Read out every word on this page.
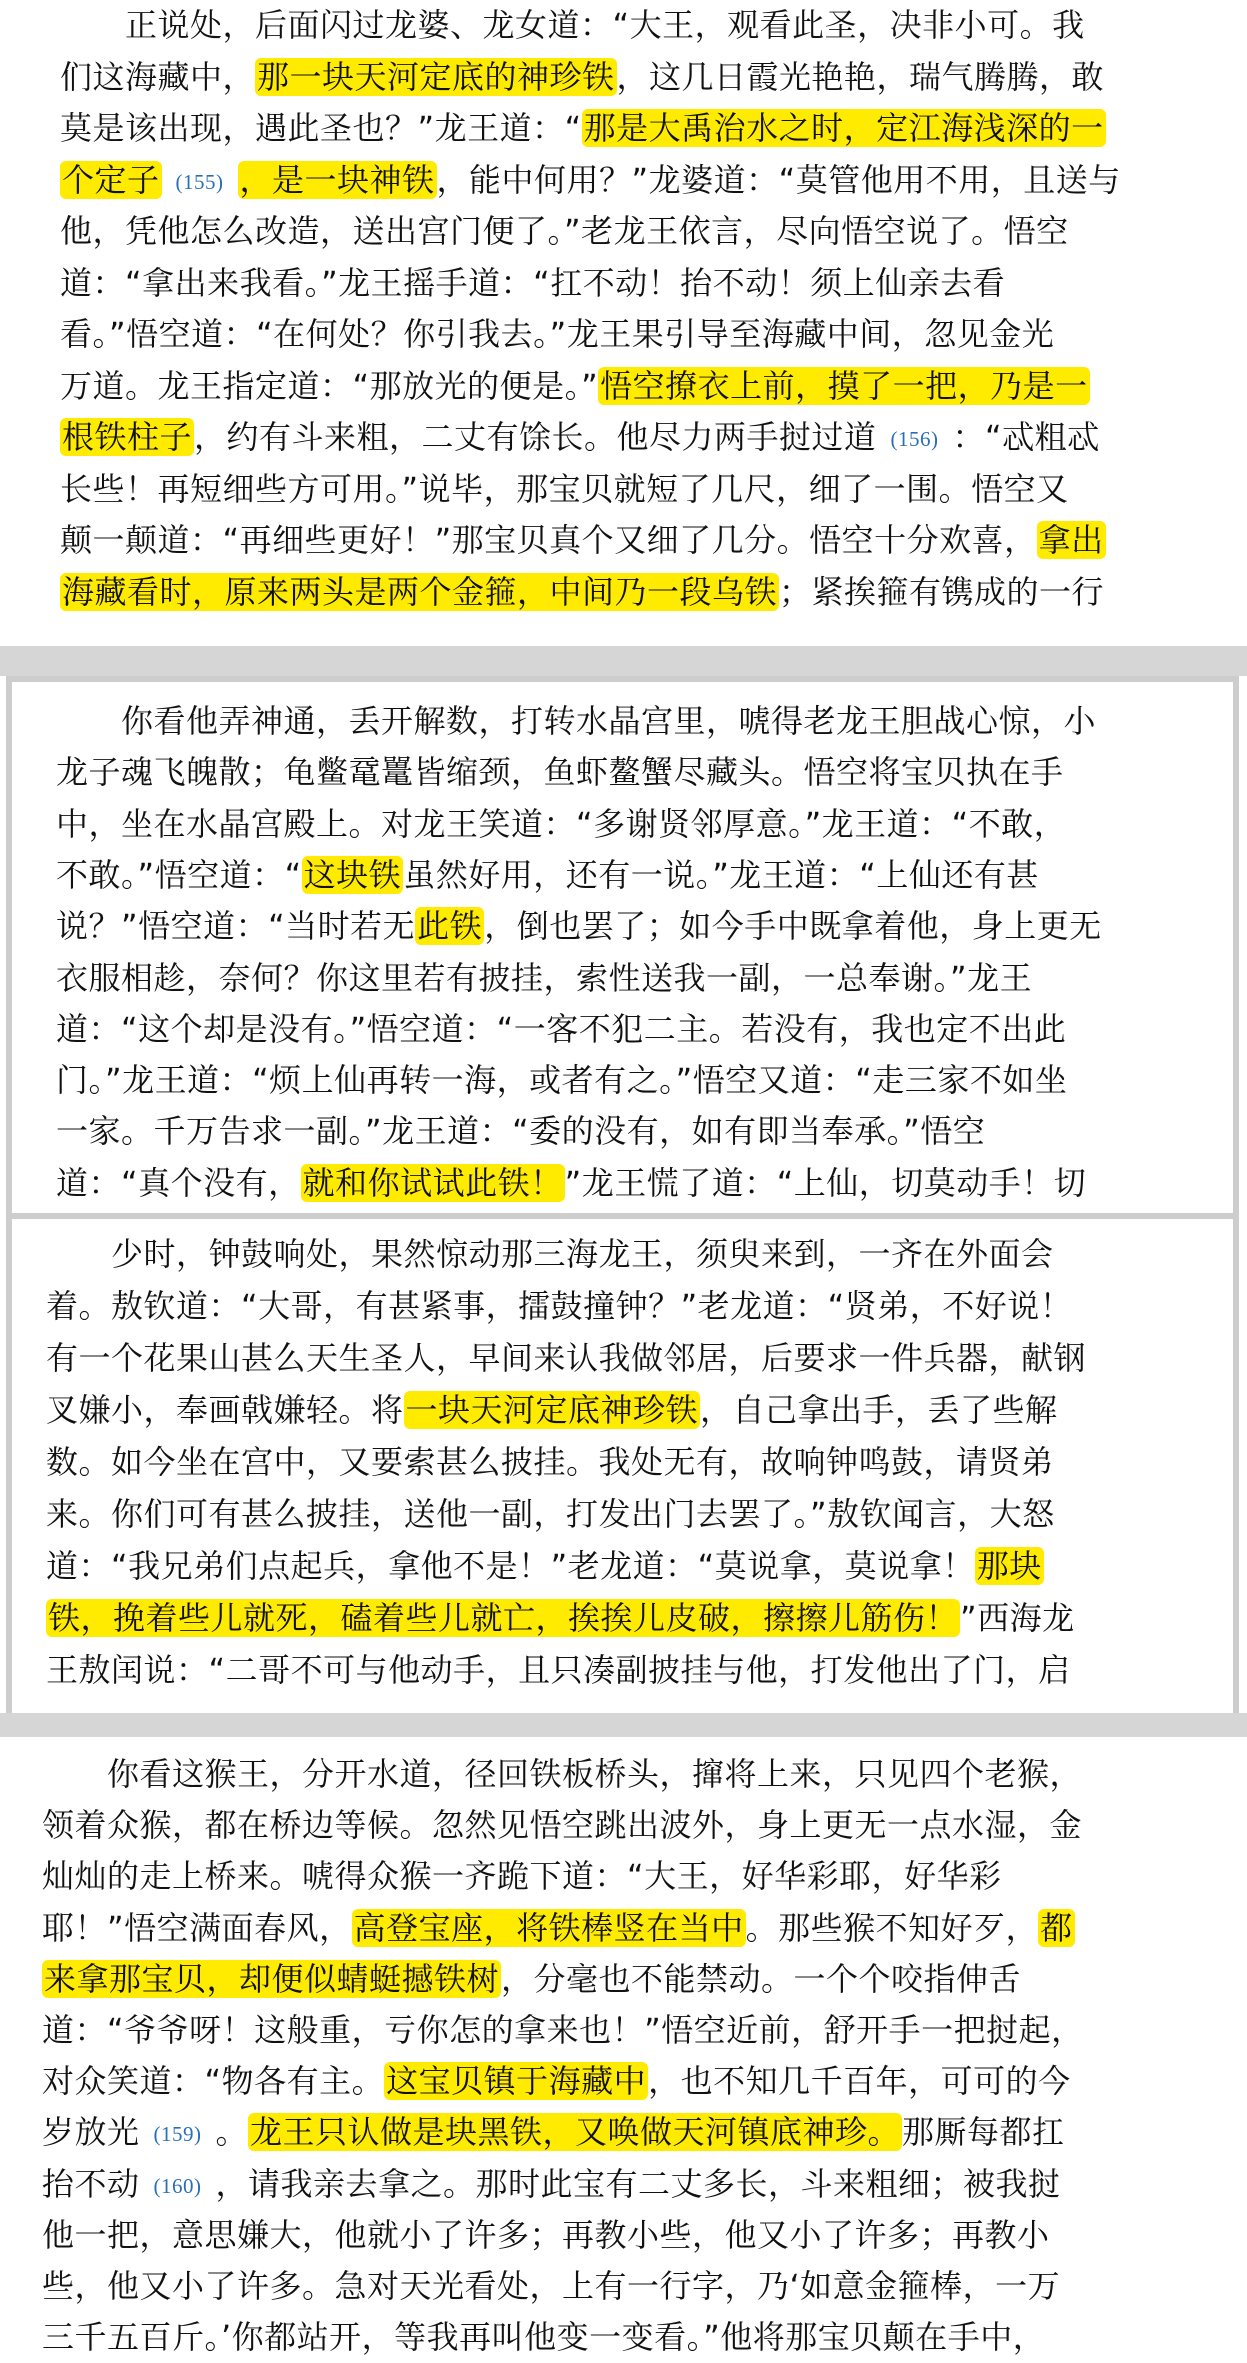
　　正说处，后面闪过龙婆、龙女道：“大王，观看此圣，决非小可。我
们这海藏中，那一块天河定底的神珍铁，这几日霞光艳艳，瑞气腾腾，敢
莫是该出现，遇此圣也？”龙王道：“那是大禹治水之时，定江海浅深的一
个定子 (155) ，是一块神铁，能中何用？”龙婆道：“莫管他用不用，且送与
他，凭他怎么改造，送出宫门便了。”老龙王依言，尽向悟空说了。悟空
道：“拿出来我看。”龙王摇手道：“扛不动！抬不动！须上仙亲去看
看。”悟空道：“在何处？你引我去。”龙王果引导至海藏中间，忽见金光
万道。龙王指定道：“那放光的便是。”悟空撩衣上前，摸了一把，乃是一
根铁柱子，约有斗来粗，二丈有馀长。他尽力两手挝过道 (156) ：“忒粗忒
长些！再短细些方可用。”说毕，那宝贝就短了几尺，细了一围。悟空又
颠一颠道：“再细些更好！”那宝贝真个又细了几分。悟空十分欢喜，拿出
海藏看时，原来两头是两个金箍，中间乃一段乌铁；紧挨箍有镌成的一行
　　你看他弄神通，丢开解数，打转水晶宫里，唬得老龙王胆战心惊，小
龙子魂飞魄散；龟鳖鼋鼍皆缩颈，鱼虾鳌蟹尽藏头。悟空将宝贝执在手
中，坐在水晶宫殿上。对龙王笑道：“多谢贤邻厚意。”龙王道：“不敢，
不敢。”悟空道：“这块铁虽然好用，还有一说。”龙王道：“上仙还有甚
说？”悟空道：“当时若无此铁，倒也罢了；如今手中既拿着他，身上更无
衣服相趁，奈何？你这里若有披挂，索性送我一副，一总奉谢。”龙王
道：“这个却是没有。”悟空道：“一客不犯二主。若没有，我也定不出此
门。”龙王道：“烦上仙再转一海，或者有之。”悟空又道：“走三家不如坐
一家。千万告求一副。”龙王道：“委的没有，如有即当奉承。”悟空
道：“真个没有，就和你试试此铁！”龙王慌了道：“上仙，切莫动手！切
　　少时，钟鼓响处，果然惊动那三海龙王，须臾来到，一齐在外面会
着。敖钦道：“大哥，有甚紧事，擂鼓撞钟？”老龙道：“贤弟，不好说！
有一个花果山甚么天生圣人，早间来认我做邻居，后要求一件兵器，献钢
叉嫌小，奉画戟嫌轻。将一块天河定底神珍铁，自己拿出手，丢了些解
数。如今坐在宫中，又要索甚么披挂。我处无有，故响钟鸣鼓，请贤弟
来。你们可有甚么披挂，送他一副，打发出门去罢了。”敖钦闻言，大怒
道：“我兄弟们点起兵，拿他不是！”老龙道：“莫说拿，莫说拿！那块
铁，挽着些儿就死，磕着些儿就亡，挨挨儿皮破，擦擦儿筋伤！”西海龙
王敖闰说：“二哥不可与他动手，且只凑副披挂与他，打发他出了门，启
　　你看这猴王，分开水道，径回铁板桥头，撺将上来，只见四个老猴，
领着众猴，都在桥边等候。忽然见悟空跳出波外，身上更无一点水湿，金
灿灿的走上桥来。唬得众猴一齐跪下道：“大王，好华彩耶，好华彩
耶！”悟空满面春风，高登宝座，将铁棒竖在当中。那些猴不知好歹，都
来拿那宝贝，却便似蜻蜓撼铁树，分毫也不能禁动。一个个咬指伸舌
道：“爷爷呀！这般重，亏你怎的拿来也！”悟空近前，舒开手一把挝起，
对众笑道：“物各有主。这宝贝镇于海藏中，也不知几千百年，可可的今
岁放光 (159) 。龙王只认做是块黑铁，又唤做天河镇底神珍。那厮每都扛
抬不动 (160) ，请我亲去拿之。那时此宝有二丈多长，斗来粗细；被我挝
他一把，意思嫌大，他就小了许多；再教小些，他又小了许多；再教小
些，他又小了许多。急对天光看处，上有一行字，乃‘如意金箍棒，一万
三千五百斤。’你都站开，等我再叫他变一变看。”他将那宝贝颠在手中，
